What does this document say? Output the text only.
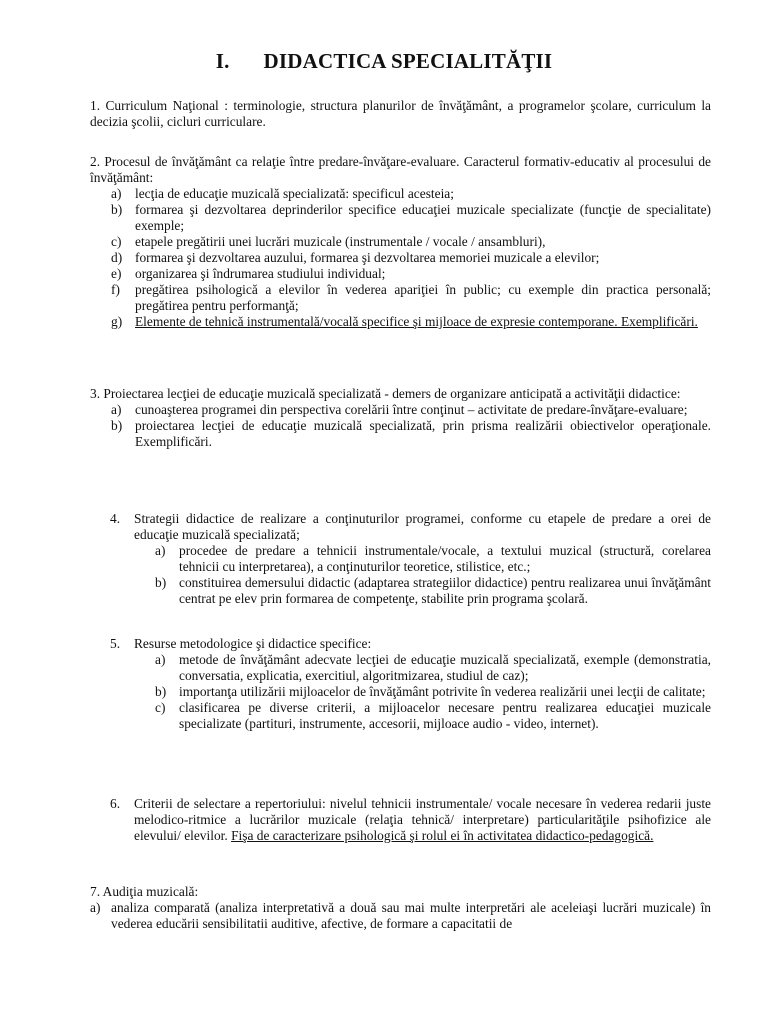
I. DIDACTICA SPECIALITĂŢII

1. Curriculum Naţional : terminologie, structura planurilor de învăţământ, a programelor şcolare, curriculum la decizia şcolii, cicluri curriculare.

2. Procesul de învăţământ ca relaţie între predare-învăţare-evaluare. Caracterul formativ-educativ al procesului de învăţământ:

a) lecţia de educaţie muzicală specializată: specificul acesteia;
b) formarea şi dezvoltarea deprinderilor specifice educaţiei muzicale specializate (funcţie de specialitate) exemple;
c) etapele pregătirii unei lucrări muzicale (instrumentale / vocale / ansambluri),
d) formarea şi dezvoltarea auzului, formarea şi dezvoltarea memoriei muzicale a elevilor;
e) organizarea şi îndrumarea studiului individual;
f) pregătirea psihologică a elevilor în vederea apariţiei în public; cu exemple din practica personală; pregătirea pentru performanţă;
g) Elemente de tehnică instrumentală/vocală specifice şi mijloace de expresie contemporane. Exemplificări.

3. Proiectarea lecţiei de educaţie muzicală specializată - demers de organizare anticipată a activităţii didactice:

a) cunoaşterea programei din perspectiva corelării între conţinut – activitate de predare-învăţare-evaluare;
b) proiectarea lecţiei de educaţie muzicală specializată, prin prisma realizării obiectivelor operaţionale. Exemplificări.
4. Strategii didactice de realizare a conţinuturilor programei, conforme cu etapele de predare a orei de educaţie muzicală specializată;
a) procedee de predare a tehnicii instrumentale/vocale, a textului muzical (structură, corelarea tehnicii cu interpretarea), a conţinuturilor teoretice, stilistice, etc.;
b) constituirea demersului didactic (adaptarea strategiilor didactice) pentru realizarea unui învăţământ centrat pe elev prin formarea de competenţe, stabilite prin programa şcolară.
5. Resurse metodologice şi didactice specifice:
a) metode de învăţământ adecvate lecţiei de educaţie muzicală specializată, exemple (demonstratia, conversatia, explicatia, exercitiul, algoritmizarea, studiul de caz);
b) importanţa utilizării mijloacelor de învăţământ potrivite în vederea realizării unei lecţii de calitate;
c) clasificarea pe diverse criterii, a mijloacelor necesare pentru realizarea educaţiei muzicale specializate (partituri, instrumente, accesorii, mijloace audio - video, internet).
6. Criterii de selectare a repertoriului: nivelul tehnicii instrumentale/ vocale necesare în vederea redarii juste melodico-ritmice a lucrărilor muzicale (relaţia tehnică/ interpretare) particularităţile psihofizice ale elevului/ elevilor. Fişa de caracterizare psihologică şi rolul ei în activitatea didactico-pedagogică.

7. Audiţia muzicală:

a) analiza comparată (analiza interpretativă a două sau mai multe interpretări ale aceleiaşi lucrări muzicale) în vederea educării sensibilitatii auditive, afective, de formare a capacitatii de
